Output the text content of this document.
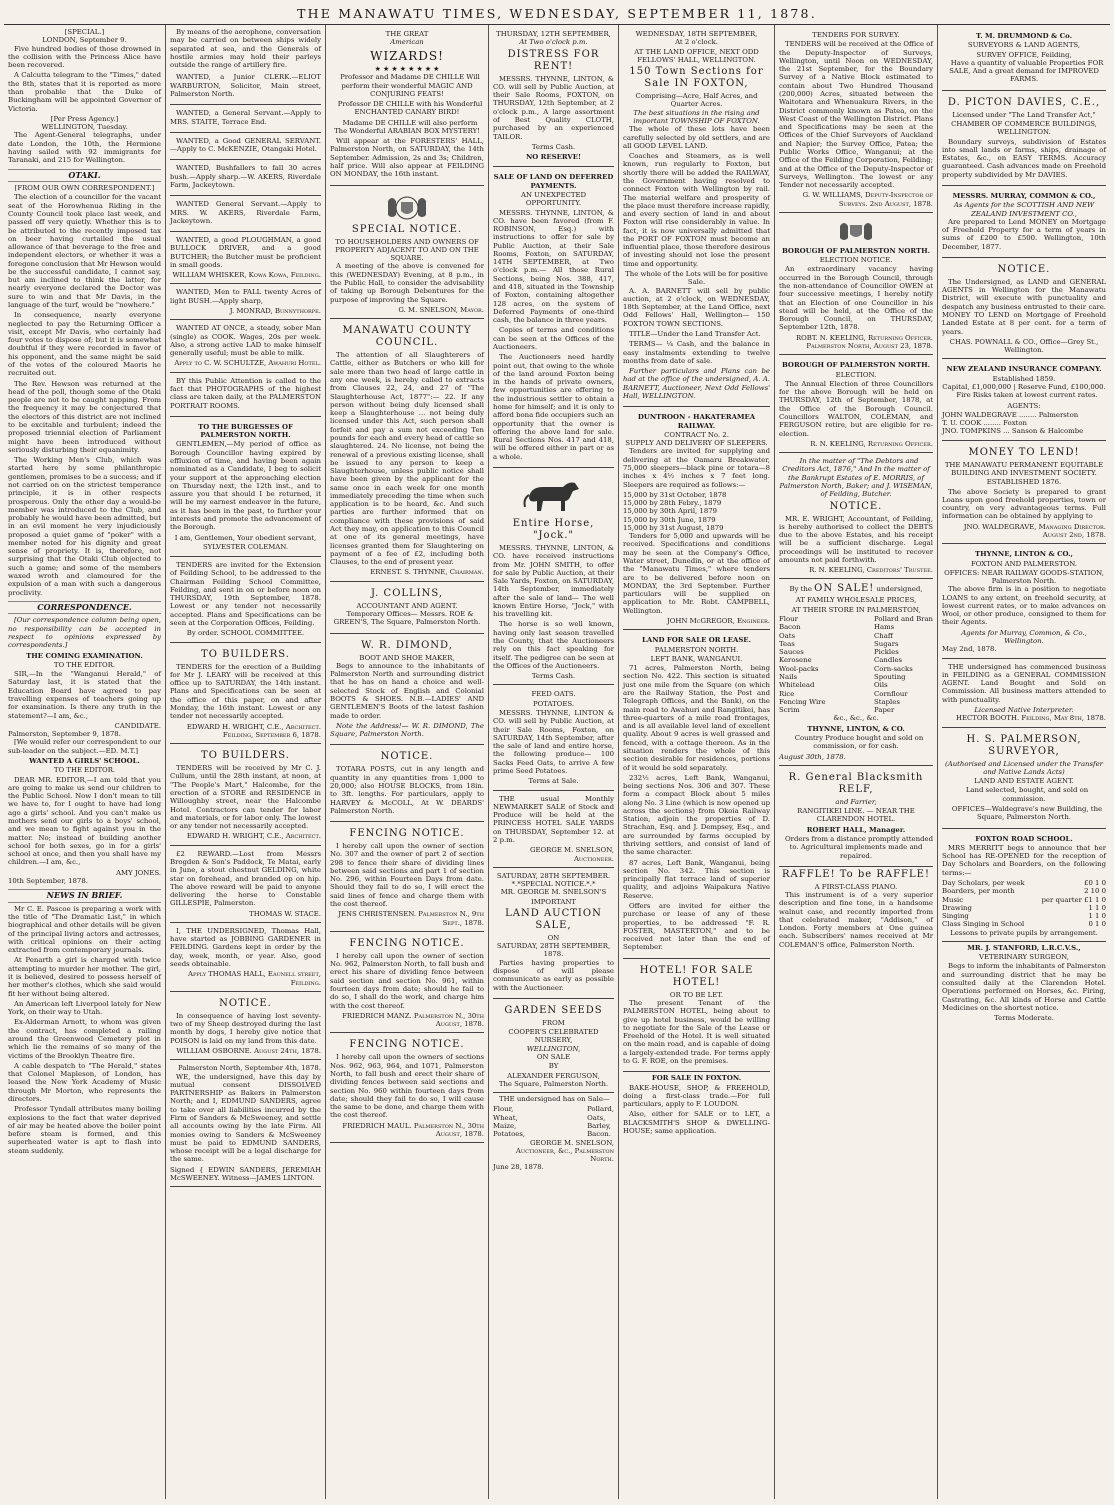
THE MANAWATU TIMES, WEDNESDAY, SEPTEMBER 11, 1878.
[SPECIAL.]
LONDON, September 9.

Five hundred bodies of those drowned in the collision with the Princess Alice have been recovered.

A Calcutta telegram to the "Times," dated the 8th, states that it is reported as more than probable that the Duke of Buckingham will be appointed Governor of Victoria.

[Per Press Agency.]
WELLINGTON, Tuesday.

The Agent-General telegraphs, under date London, the 10th, the Hermione having sailed with 92 immigrants for Taranaki, and 215 for Wellington.

OTAKI.
[FROM OUR OWN CORRESPONDENT.]

The election of a councillor for the vacant seat of the Horowhenua Riding in the County Council took place last week, and passed off very quietly. Whether this is to be attributed to the recently imposed tax on beer having curtailed the usual allowance of that beverage to the free and independent electors, or whether it was a foregone conclusion that Mr Hewson would be the successful candidate, I cannot say, but am inclined to think the latter, for nearly everyone declared the Doctor was sure to win and that Mr Davis, in the language of the turf, would be "nowhere."

In consequence, nearly everyone neglected to pay the Returning Officer a visit, except Mr Davis, who certainly had four votes to dispose of; but it is somewhat doubtful if they were recorded in favor of his opponent, and the same might be said of the votes of the coloured Maoris he recruited out.

The Rev. Hewson was returned at the head of the poll, though some of the Otaki people are not to be caught napping. From the frequency it may be conjectured that the electors of this district are not inclined to be excitable and turbulent; indeed the proposed triennial election of Parliament might have been introduced without seriously disturbing their equanimity.

The Working Men's Club, which was started here by some philanthropic gentlemen, promises to be a success; and if not carried on on the strictest temperance principle, it is in other respects prosperous. Only the other day a would-be member was introduced to the Club, and probably he would have been admitted, but in an evil moment he very injudiciously proposed a quiet game of "poker" with a member noted for his dignity and great sense of propriety. It is, therefore, not surprising that the Otaki Club objected to such a game; and some of the members waxed wroth and clamoured for the expulsion of a man with such a dangerous proclivity.

CORRESPONDENCE.

[Our correspondence column being open, no responsibility can be accepted in respect to opinions expressed by correspondents.]

THE COMING EXAMINATION.
TO THE EDITOR.

SIR,—In the "Wanganui Herald," of Saturday last, it is stated that the Education Board have agreed to pay travelling expenses of teachers going up for examination. Is there any truth in the statement?—I am, &c.,

CANDIDATE.
Palmerston, September 9, 1878.

[We would refer our correspondent to our sub-leader on the subject.—ED. M.T.]

WANTED A GIRLS' SCHOOL.
TO THE EDITOR.

DEAR MR. EDITOR,—I am told that you are going to make us send our children to the Public School. Now I don't mean to till we have to, for I ought to have had long ago a girls' school. And you can't make us mothers send our girls to a boys' school, and we mean to fight against you in the matter. No; instead of building another school for both sexes, go in for a girls' school at once, and then you shall have my children.—I am, &c.,

AMY JONES.
10th September, 1878.
NEWS IN BRIEF.

Mr C. E. Pascoe is preparing a work with the title of "The Dramatic List," in which biographical and other details will be given of the principal living actors and actresses, with critical opinions on their acting extracted from contemporary journals.

At Penarth a girl is charged with twice attempting to murder her mother. The girl, it is believed, desired to possess herself of her mother's clothes, which she said would fit her without being altered.

An American left Liverpool lately for New York, on their way to Utah.

Ex-Alderman Arnott, to whom was given the contract, has completed a railing around the Greenwood Cemetery plot in which lie the remains of so many of the victims of the Brooklyn Theatre fire.

A cable despatch to "The Herald," states that Colonel Mapleson, of London, has leased the New York Academy of Music through Mr Morton, who represents the directors.

Professor Tyndall attributes many boiling explosions to the fact that water deprived of air may be heated above the boiler point before steam is formed, and this superheated water is apt to flash into steam suddenly.

By means of the aerophone, conversation may be carried on between ships widely separated at sea, and the Generals of hostile armies may hold their parleys outside the range of artillery fire.

WANTED, a Junior CLERK.—ELIOT WARBURTON, Solicitor, Main street, Palmerston North.

WANTED, a General Servant.—Apply to MRS. STAITE, Terrace End.

WANTED, a Good GENERAL SERVANT.—Apply to C. McKENZIE, Otangaki Hotel.

WANTED, Bushfallers to fall 30 acres bush.—Apply sharp.—W. AKERS, Riverdale Farm, Jackeytown.

WANTED General Servant.—Apply to MRS. W. AKERS, Riverdale Farm, Jackeytown.

WANTED, a good PLOUGHMAN, a good BULLOCK DRIVER, and a good BUTCHER; the Butcher must be proficient in small goods.

WILLIAM WHISKER, Kowa Kowa, Feilding.

WANTED, Men to FALL twenty Acres of light BUSH.—Apply sharp,

J. MONRAD, Bunnythorpe.

WANTED AT ONCE, a steady, sober Man (single) as COOK. Wages, 20s per week. Also, a strong active LAD to make himself generally useful; must be able to milk.

Apply to C. W. SCHULTZE, Awahuri Hotel.

BY this Public Attention is called to the fact that PHOTOGRAPHS of the highest class are taken daily, at the PALMERSTON PORTRAIT ROOMS.

TO THE BURGESSES OF PALMERSTON NORTH.

GENTLEMEN,—My period of office as Borough Councillor having expired by effluxion of time, and having been again nominated as a Candidate, I beg to solicit your support at the approaching election on Thursday next, the 12th inst., and to assure you that should I be returned, it will be my earnest endeavor in the future, as it has been in the past, to further your interests and promote the advancement of the Borough.

I am, Gentlemen, Your obedient servant,
SYLVESTER COLEMAN.

TENDERS are invited for the Extension of Feilding School, to be addressed to the Chairman Feilding School Committee, Feilding, and sent in on or before noon on THURSDAY, 19th September, 1878. Lowest or any tender not necessarily accepted. Plans and Specifications can be seen at the Corporation Offices, Feilding.

By order. SCHOOL COMMITTEE.
TO BUILDERS.

TENDERS for the erection of a Building for Mr J. LEARY will be received at this office up to SATURDAY, the 14th instant. Plans and Specifications can be seen at the office of this paper, on and after Monday, the 16th instant. Lowest or any tender not necessarily accepted.

EDWARD H. WRIGHT, C.E., Architect. Feilding, September 6, 1878.
TO BUILDERS.

TENDERS will be received by Mr C. J. Cullum, until the 28th instant, at noon, at "The People's Mart," Halcombe, for the erection of a STORE and RESIDENCE in Willoughby street, near the Halcombe Hotel. Contractors can tender for labor and materials, or for labor only. The lowest or any tender not necessarily accepted.

EDWARD H. WRIGHT, C.E., Architect.

£2 REWARD.—Lost from Messrs Brogden & Son's Paddock, Te Matai, early in June, a stout chestnut GELDING, white star on forehead, and branded op on hip. The above reward will be paid to anyone delivering the horse to Constable GILLESPIE, Palmerston.

THOMAS W. STACE.

I, THE UNDERSIGNED, Thomas Hall, have started as JOBBING GARDENER in FEILDING. Gardens kept in order by the day, week, month, or year. Also, good seeds obtainable.

Apply THOMAS HALL, Eaunell street, Feilding.
NOTICE.

In consequence of having lost seventy-two of my Sheep destroyed during the last month by dogs, I hereby give notice that POISON is laid on my land from this date.

WILLIAM OSBORNE. August 24th, 1878.
Palmerston North, September 4th, 1878.

WE, the undersigned, have this day by mutual consent DISSOLVED PARTNERSHIP as Bakers in Palmerston North; and I, EDMUND SANDERS, agree to take over all liabilities incurred by the Firm of Sanders & McSweeney, and settle all accounts owing by the late Firm. All monies owing to Sanders & McSweeney must be paid to EDMUND SANDERS, whose receipt will be a legal discharge for the same.

Signed { EDWIN SANDERS, JEREMIAH McSWEENEY. Witness—JAMES LINTON.
THE GREAT
American
WIZARDS!
★ ★ ★ ★ ★ ★ ★ ★

Professor and Madame DE CHILLE Will perform their wonderful MAGIC AND CONJURING FEATS!

Professor DE CHILLE with his Wonderful ENCHANTED CANARY BIRD!

Madame DE CHILLE will also perform The Wonderful ARABIAN BOX MYSTERY!

Will appear at the FORESTERS' HALL, Palmerston North, on SATURDAY, the 14th September. Admission, 2s and 3s; Children, half price. Will also appear at FEILDING ON MONDAY, the 16th instant.

SPECIAL NOTICE.
TO HOUSEHOLDERS AND OWNERS OF PROPERTY ADJACENT TO AND ON THE SQUARE.

A meeting of the above is convened for this (WEDNESDAY) Evening, at 8 p.m., in the Public Hall, to consider the advisability of taking up Borough Debentures for the purpose of improving the Square.

G. M. SNELSON, Mayor.
MANAWATU COUNTY COUNCIL.

The attention of all Slaughterers of Cattle, either as Butchers or who kill for sale more than two head of large cattle in any one week, is hereby called to extracts from Clauses 22, 24, and 27 of "The Slaughterhouse Act, 1877":— 22. If any person without being duly licensed shall keep a Slaughterhouse ... not being duly licensed under this Act, such person shall forfeit and pay a sum not exceeding Ten pounds for each and every head of cattle so slaughtered. 24. No license, not being the renewal of a previous existing license, shall be issued to any person to keep a Slaughterhouse, unless public notice shall have been given by the applicant for the same once in each week for one month immediately preceding the time when such application is to be heard, &c. And such parties are further informed that on compliance with these provisions of said Act they may, on application to this Council at one of its general meetings, have licenses granted them for Slaughtering on payment of a fee of £2, including both Clauses, to the end of present year.

ERNEST. S. THYNNE, Chairman.
J. COLLINS,
ACCOUNTANT AND AGENT.

Temporary Offices— Messrs. ROE & GREEN'S, The Square, Palmerston North.

W. R. DIMOND,
BOOT AND SHOE MAKER,

Begs to announce to the inhabitants of Palmerston North and surrounding district that he has on hand a choice and well-selected Stock of English and Colonial BOOTS & SHOES. N.B.—LADIES' AND GENTLEMEN'S Boots of the latest fashion made to order.

Note the Address!— W. R. DIMOND, The Square, Palmerston North.

NOTICE.

TOTARA POSTS, cut in any length and quantity in any quantities from 1,000 to 20,000; also HOUSE BLOCKS, from 18in. to 3ft. lengths. For particulars, apply to HARVEY & McCOLL, At W. DEARDS' Palmerston North.

FENCING NOTICE.

I hereby call upon the owner of section No. 307 and the owner of part 2 of section 298 to fence their share of dividing lines between said sections and part 1 of section No. 296, within Fourteen Days from date. Should they fail to do so, I will erect the said lines of fence and charge them with the cost thereof.

JENS CHRISTENSEN. Palmerston N., 9th Sept., 1878.
FENCING NOTICE.

I hereby call upon the owner of section No. 962, Palmerston North, to fall bush and erect his share of dividing fence between said section and section No. 961, within fourteen days from date; should he fail to do so, I shall do the work, and charge him with the cost thereof.

FRIEDRICH MANZ. Palmerston N., 30th August, 1878.
FENCING NOTICE.

I hereby call upon the owners of sections Nos. 962, 963, 964, and 1071, Palmerston North, to fall bush and erect their share of dividing fences between said sections and section No. 960 within fourteen days from date; should they fail to do so, I will cause the same to be done, and charge them with the cost thereof.

FRIEDRICH MAUL. Palmerston N., 30th August, 1878.
THURSDAY, 12TH SEPTEMBER,
At Two o'clock p.m.
DISTRESS FOR RENT!

MESSRS. THYNNE, LINTON, & CO. will sell by Public Auction, at their Sale Rooms, FOXTON, on THURSDAY, 12th September, at 2 o'clock p.m., A large assortment of Best Quality CLOTH, purchased by an experienced TAILOR.

Terms Cash.
NO RESERVE!
SALE OF LAND ON DEFERRED PAYMENTS.
AN UNEXPECTED OPPORTUNITY.

MESSRS. THYNNE, LINTON, & CO. have been favored (from F. ROBINSON, Esq.) with instructions to offer for sale by Public Auction, at their Sale Rooms, Foxton, on SATURDAY, 14TH SEPTEMBER, at Two o'clock p.m.— All those Rural Sections, being Nos. 388, 417, and 418, situated in the Township of Foxton, containing altogether 128 acres, on the system of Deferred Payments of one-third cash, the balance in three years.

Copies of terms and conditions can be seen at the Offices of the Auctioneers.

The Auctioneers need hardly point out, that owing to the whole of the land around Foxton being in the hands of private owners, few opportunities are offering to the industrious settler to obtain a home for himself; and it is only to afford bona fide occupiers such an opportunity that the owner is offering the above land for sale. Rural Sections Nos. 417 and 418, will be offered either in part or as a whole.

Entire Horse, "Jock."

MESSRS. THYNNE, LINTON, & CO. have received instructions from Mr. JOHN SMITH, to offer for sale by Public Auction, at their Sale Yards, Foxton, on SATURDAY, 14th September, immediately after the sale of land— The well known Entire Horse, "Jock," with his travelling kit.

The horse is so well known, having only last season travelled the County, that the Auctioneers rely on this fact speaking for itself. The pedigree can be seen at the Offices of the Auctioneers.

Terms Cash.
FEED OATS.
POTATOES.

MESSRS. THYNNE, LINTON & CO. will sell by Public Auction, at their Sale Rooms, Foxton, on SATURDAY, 14th September, after the sale of land and entire horse, the following produce— 100 Sacks Feed Oats, to arrive A few prime Seed Potatoes.

Terms at Sale.

THE usual Monthly NEWMARKET SALE of Stock and Produce will be held at the PRINCESS HOTEL SALE YARDS on THURSDAY, September 12. at 2 p.m.

GEORGE M. SNELSON, Auctioneer.
SATURDAY, 28TH SEPTEMBER.
*.*SPECIAL NOTICE.*.*
MR. GEORGE M. SNELSON'S
IMPORTANT
LAND AUCTION SALE,
ON
SATURDAY, 28TH SEPTEMBER, 1878.

Parties having properties to dispose of will please communicate as early as possible with the Auctioneer.

GARDEN SEEDS
FROM
COOPER'S CELEBRATED NURSERY,
WELLINGTON,
ON SALE
BY
ALEXANDER FERGUSON,
The Square, Palmerston North.

THE undersigned has on Sale—

Flour,
Wheat,
Maize,
Potatoes,
Pollard,
Oats,
Barley,
Bacon.
GEORGE M. SNELSON, Auctioneer, &c., Palmerston North.
June 28, 1878.
WEDNESDAY, 18TH SEPTEMBER,
At 2 o'clock.
AT THE LAND OFFICE, NEXT ODD FELLOWS' HALL, WELLINGTON.
150 Town Sections for Sale IN FOXTON,
Comprising—Acre, Half Acres, and Quarter Acres.
The best situations in the rising and important TOWNSHIP OF FOXTON.

The whole of these lots have been carefully selected by old settlers, and are all GOOD LEVEL LAND.

Coaches and Steamers, as is well known, run regularly to Foxton, but shortly there will be added the RAILWAY, the Government having resolved to connect Foxton with Wellington by rail. The material welfare and prosperity of the place must therefore increase rapidly, and every section of land in and about Foxton will rise considerably in value. In fact, it is now universally admitted that the PORT OF FOXTON must become an influential place, those therefore desirous of investing should not lose the present time and opportunity.

The whole of the Lots will be for positive Sale.

A. A. BARNETT will sell by public auction, at 2 o'clock, on WEDNESDAY, 18th September, at the Land Office, next Odd Fellows' Hall, Wellington— 150 FOXTON TOWN SECTIONS.

TITLE—Under the Land Transfer Act.

TERMS— ¼ Cash, and the balance in easy instalments extending to twelve months from date of sale.

Further particulars and Plans can be had at the office of the undersigned, A. A. BARNETT, Auctioneer, Next Odd Fellows' Hall, WELLINGTON.

DUNTROON - HAKATERAMEA RAILWAY.
CONTRACT No. 2.
SUPPLY AND DELIVERY OF SLEEPERS.

Tenders are invited for supplying and delivering at the Oamaru Breakwater, 75,000 sleepers—black pine or totara—8 inches x 4½ inches x 7 feet long. Sleepers are required as follows:—

15,000 by 31st October, 1878
15,000 by 28th Febry., 1879
15,000 by 30th April, 1879
15,000 by 30th June, 1879
15,000 by 31st August, 1879

Tenders for 5,000 and upwards will be received. Specifications and conditions may be seen at the Company's Office, Water street, Dunedin, or at the office of the "Manawatu Times," where tenders are to be delivered before noon on MONDAY, the 3rd September. Further particulars will be supplied on application to Mr. Robt. CAMPBELL, Wellington.

JOHN McGREGOR, Engineer.
LAND FOR SALE OR LEASE.
PALMERSTON NORTH.
LEFT BANK, WANGANUI.

71 acres, Palmerston North, being section No. 422. This section is situated just one mile from the Square (on which are the Railway Station, the Post and Telegraph Offices, and the Bank), on the main road to Awahuri and Rangitikei, has three-quarters of a mile road frontages, and is all available level land of excellent quality. About 9 acres is well grassed and fenced, with a cottage thereon. As in the situation renders the whole of this section desirable for residences, portions of it would be sold separately.

232½ acres, Left Bank, Wanganui, being sections Nos. 306 and 307. These form a compact Block about 5 miles along No. 3 Line (which is now opened up across the sections) from Okoia Railway Station, adjoin the properties of D. Strachan, Esq. and J. Dempsey, Esq., and are surrounded by farms occupied by thriving settlers, and consist of land of the same character.

87 acres, Left Bank, Wanganui, being section No. 342. This section is principally flat terrace land of superior quality, and adjoins Waipakura Native Reserve.

Offers are invited for either the purchase or lease of any of these properties, to be addressed "F. R. FOSTER, MASTERTON," and to be received not later than the end of September.

HOTEL! FOR SALE HOTEL!
OR TO BE LET.

The present Tenant of the PALMERSTON HOTEL, being about to give up hotel business, would be willing to negotiate for the Sale of the Lease or Freehold of the Hotel. It is well situated on the main road, and is capable of doing a largely-extended trade. For terms apply to G. F. ROE, on the premises.

FOR SALE IN FOXTON.

BAKE-HOUSE, SHOP, & FREEHOLD, doing a first-class trade.—For full particulars, apply to F. LOUDON.

Also, either for SALE or to LET, a BLACKSMITH'S SHOP & DWELLING-HOUSE; same application.

TENDERS FOR SURVEY.

TENDERS will be received at the Office of the Deputy-Inspector of Surveys, Wellington, until Noon on WEDNESDAY, the 21st September, for the Boundary Survey of a Native Block estimated to contain about Two Hundred Thousand (200,000) Acres, situated between the Waitotara and Whenuakura Rivers, in the District commonly known as Patea, on the West Coast of the Wellington District. Plans and Specifications may be seen at the Offices of the Chief Surveyors of Auckland and Napier; the Survey Office, Patea; the Public Works Office, Wanganui; at the Office of the Feilding Corporation, Feilding; and at the Office of the Deputy-Inspector of Surveys, Wellington. The lowest or any Tender not necessarily accepted.

G. W. WILLIAMS, Deputy-Inspector of Surveys. 2nd August, 1878.
BOROUGH OF PALMERSTON NORTH.
ELECTION NOTICE.

An extraordinary vacancy having occurred in the Borough Council, through the non-attendance of Councillor OWEN at four successive meetings, I hereby notify that an Election of one Councillor in his stead will be held, at the Office of the Borough Council, on THURSDAY, September 12th, 1878.

ROBT. N. KEELING, Returning Officer. Palmerston North, August 23, 1878.
BOROUGH OF PALMERSTON NORTH.
ELECTION.

The Annual Election of three Councillors for the above Borough will be held on THURSDAY, 12th of September, 1878, at the Office of the Borough Council. Councillors WALTON, COLEMAN, and FERGUSON retire, but are eligible for re-election.

R. N. KEELING, Returning Officer.

In the matter of "The Debtors and Creditors Act, 1876," And In the matter of the Bankrupt Estates of E. MORRIS, of Palmerston North, Baker; and J. WISEMAN, of Feilding, Butcher.

NOTICE.

MR. E. WRIGHT, Accountant, of Feilding, is hereby authorised to collect the DEBTS due to the above Estates, and his receipt will be a sufficient discharge. Legal proceedings will be instituted to recover amounts not paid forthwith.

R. N. KEELING, Creditors' Trustee.
By the ON SALE! undersigned,
AT FAMILY WHOLESALE PRICES,
AT THEIR STORE IN PALMERSTON,
Flour
Bacon
Oats
Teas
Sauces
Kerosene
Wool-packs
Nails
Whitelead
Rice
Fencing Wire
Scrim
Pollard and Bran
Hams
Chaff
Sugars
Pickles
Candles
Corn-sacks
Spouting
Oils
Cornflour
Staples
Paper
&c., &c., &c.
THYNNE, LINTON, & CO.

Country Produce bought and sold on commission, or for cash.

August 30th, 1878.
R. General Blacksmith RELF,
and Farrier,
RANGITIKEI LINE. — NEAR THE CLARENDON HOTEL.
ROBERT HALL, Manager.

Orders from a distance promptly attended to. Agricultural implements made and repaired.

RAFFLE! To be RAFFLE!
A FIRST-CLASS PIANO.

This instrument is of a very superior description and fine tone, in a handsome walnut case, and recently imported from that celebrated maker, "Addison," of London. Forty members at One guinea each. Subscribers' names received at Mr COLEMAN'S office, Palmerston North.

T. M. DRUMMOND & Co.
SURVEYORS & LAND AGENTS,
SURVEY OFFICE, Feilding,

Have a quantity of valuable Properties FOR SALE, And a great demand for IMPROVED FARMS.

D. PICTON DAVIES, C.E.,
Licensed under "The Land Transfer Act,"
CHAMBER OF COMMERCE BUILDINGS, WELLINGTON.

Boundary surveys, subdivision of Estates into small lands or farms, ships, drainage of Estates, &c., on EASY TERMS. Accuracy guaranteed. Cash advances made on Freehold property subdivided by Mr DAVIES.

MESSRS. MURRAY, COMMON & CO.,
As Agents for the SCOTTISH AND NEW ZEALAND INVESTMENT CO.,

Are prepared to Lend MONEY on Mortgage of Freehold Property for a term of years in sums of £200 to £500. Wellington, 10th December, 1877.

NOTICE.

The Undersigned, as LAND and GENERAL AGENTS in Wellington for the Manawatu District, will execute with punctuality and despatch any business entrusted to their care. MONEY TO LEND on Mortgage of Freehold Landed Estate at 8 per cent. for a term of years.

CHAS. POWNALL & CO., Office—Grey St., Wellington.
NEW ZEALAND INSURANCE COMPANY.
Established 1859.
Capital, £1,000,000 | Reserve Fund, £100,000.

Fire Risks taken at lowest current rates.

AGENTS:
JOHN WALDEGRAVE ........ Palmerston
T. U. COOK ........ Foxton
JNO. TOMPKINS ... Sanson & Halcombe
MONEY TO LEND!
THE MANAWATU PERMANENT EQUITABLE BUILDING AND INVESTMENT SOCIETY.
ESTABLISHED 1876.

The above Society is prepared to grant Loans upon good freehold properties, town or country, on very advantageous terms. Full information can be obtained by applying to

JNO. WALDEGRAVE, Managing Director. August 2nd, 1878.
THYNNE, LINTON & CO.,
FOXTON AND PALMERSTON.
OFFICES: NEAR RAILWAY GOODS-STATION, Palmerston North.

The above firm is in a position to negotiate LOANS to any extent, on freehold security, at lowest current rates, or to make advances on Wool, or other produce, consigned to them for their Agents.

Agents for Murray, Common, & Co., Wellington.
May 2nd, 1878.

THE undersigned has commenced business in FEILDING as a GENERAL COMMISSION AGENT. Land Bought and Sold on Commission. All business matters attended to with punctuality.

Licensed Native Interpreter.
HECTOR BOOTH. Feilding, May 8th, 1878.
H. S. PALMERSON, SURVEYOR,
(Authorised and Licensed under the Transfer and Native Lands Acts)
LAND AND ESTATE AGENT.

Land selected, bought, and sold on commission.

OFFICES—Waldegrave's new Building, the Square, Palmerston North.

FOXTON ROAD SCHOOL.

MRS MERRITT begs to announce that her School has RE-OPENED for the reception of Day Scholars and Boarders, on the following terms:—

Day Scholars, per week	£0 1 0
Boarders, per month	2 10 0
Music	per quarter £1 1 0
Drawing	1 1 0
Singing	1 1 0
Class Singing in School	0 1 0
Lessons to private pupils by arrangement.
MR. J. STANFORD, L.R.C.V.S.,
VETERINARY SURGEON,

Begs to inform the inhabitants of Palmerston and surrounding district that he may be consulted daily at the Clarendon Hotel. Operations performed on Horses, &c. Firing, Castrating, &c. All kinds of Horse and Cattle Medicines on the shortest notice.

Terms Moderate.
